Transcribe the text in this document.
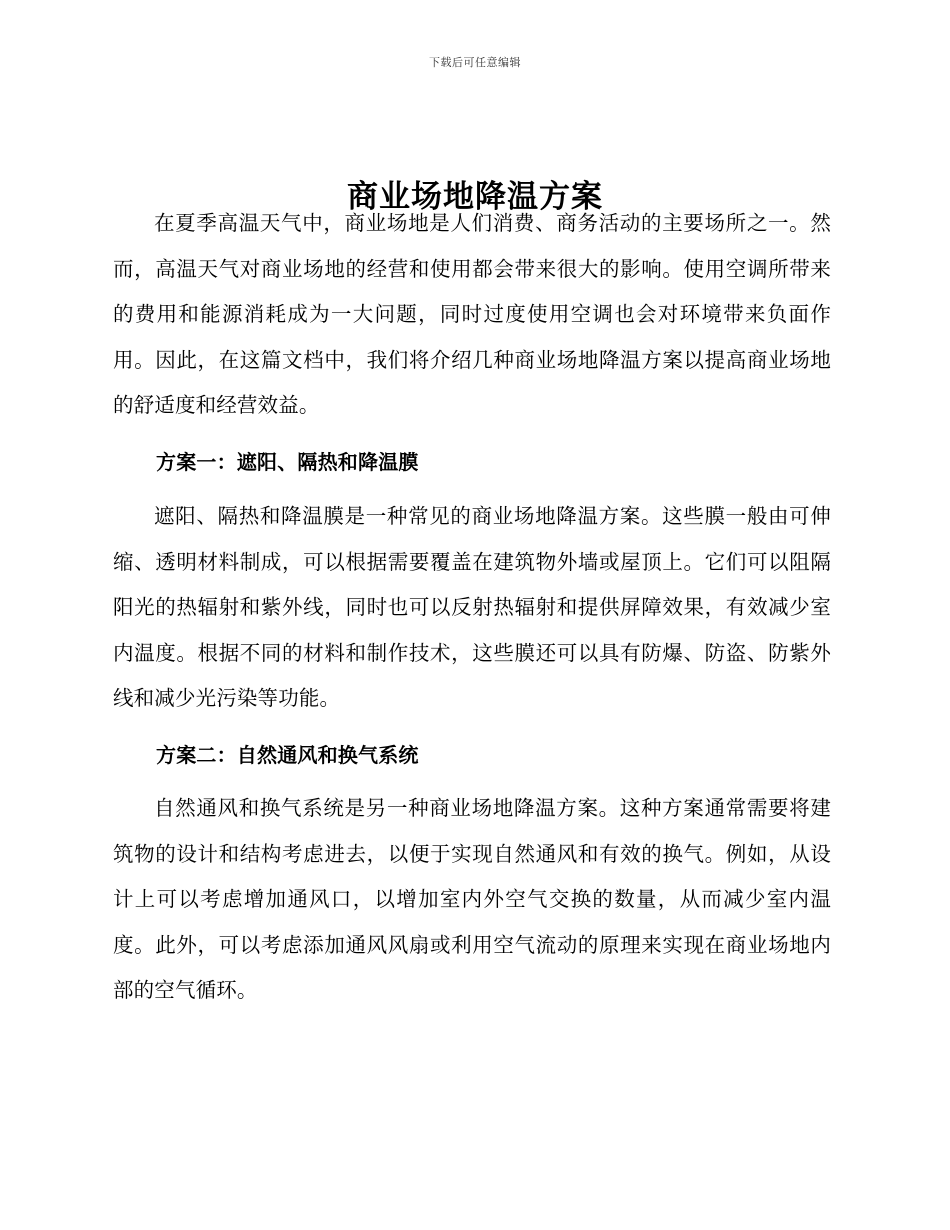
下载后可任意编辑
商业场地降温方案

在夏季高温天气中，商业场地是人们消费、商务活动的主要场所之一。然而，高温天气对商业场地的经营和使用都会带来很大的影响。使用空调所带来的费用和能源消耗成为一大问题，同时过度使用空调也会对环境带来负面作用。因此，在这篇文档中，我们将介绍几种商业场地降温方案以提高商业场地的舒适度和经营效益。

方案一：遮阳、隔热和降温膜

遮阳、隔热和降温膜是一种常见的商业场地降温方案。这些膜一般由可伸缩、透明材料制成，可以根据需要覆盖在建筑物外墙或屋顶上。它们可以阻隔阳光的热辐射和紫外线，同时也可以反射热辐射和提供屏障效果，有效减少室内温度。根据不同的材料和制作技术，这些膜还可以具有防爆、防盗、防紫外线和减少光污染等功能。

方案二：自然通风和换气系统

自然通风和换气系统是另一种商业场地降温方案。这种方案通常需要将建筑物的设计和结构考虑进去，以便于实现自然通风和有效的换气。例如，从设计上可以考虑增加通风口，以增加室内外空气交换的数量，从而减少室内温度。此外，可以考虑添加通风风扇或利用空气流动的原理来实现在商业场地内部的空气循环。
